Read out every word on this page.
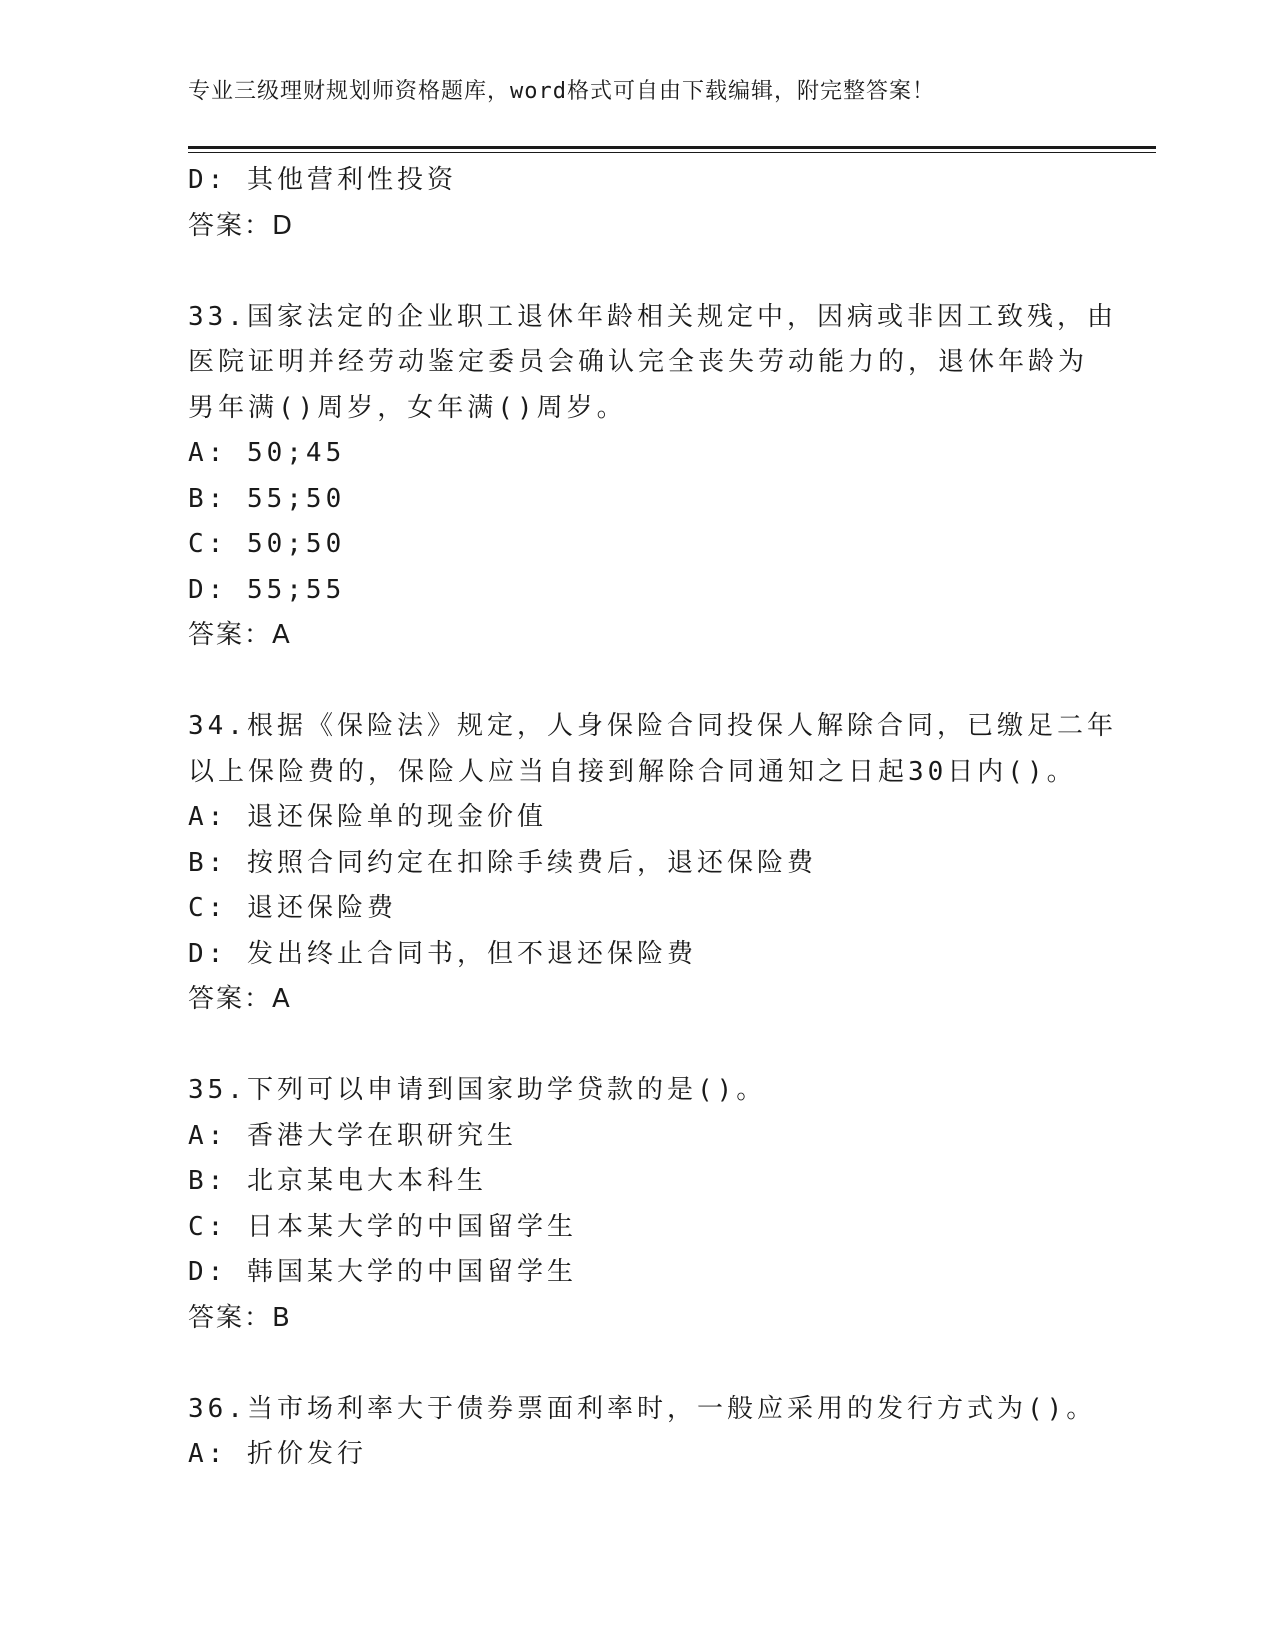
专业三级理财规划师资格题库，word格式可自由下载编辑，附完整答案！
D: 其他营利性投资
答案：D
33.国家法定的企业职工退休年龄相关规定中，因病或非因工致残，由
医院证明并经劳动鉴定委员会确认完全丧失劳动能力的，退休年龄为
男年满()周岁，女年满()周岁。
A: 50;45
B: 55;50
C: 50;50
D: 55;55
答案：A
34.根据《保险法》规定，人身保险合同投保人解除合同，已缴足二年
以上保险费的，保险人应当自接到解除合同通知之日起30日内()。
A: 退还保险单的现金价值
B: 按照合同约定在扣除手续费后，退还保险费
C: 退还保险费
D: 发出终止合同书，但不退还保险费
答案：A
35.下列可以申请到国家助学贷款的是()。
A: 香港大学在职研究生
B: 北京某电大本科生
C: 日本某大学的中国留学生
D: 韩国某大学的中国留学生
答案：B
36.当市场利率大于债券票面利率时，一般应采用的发行方式为()。
A: 折价发行
